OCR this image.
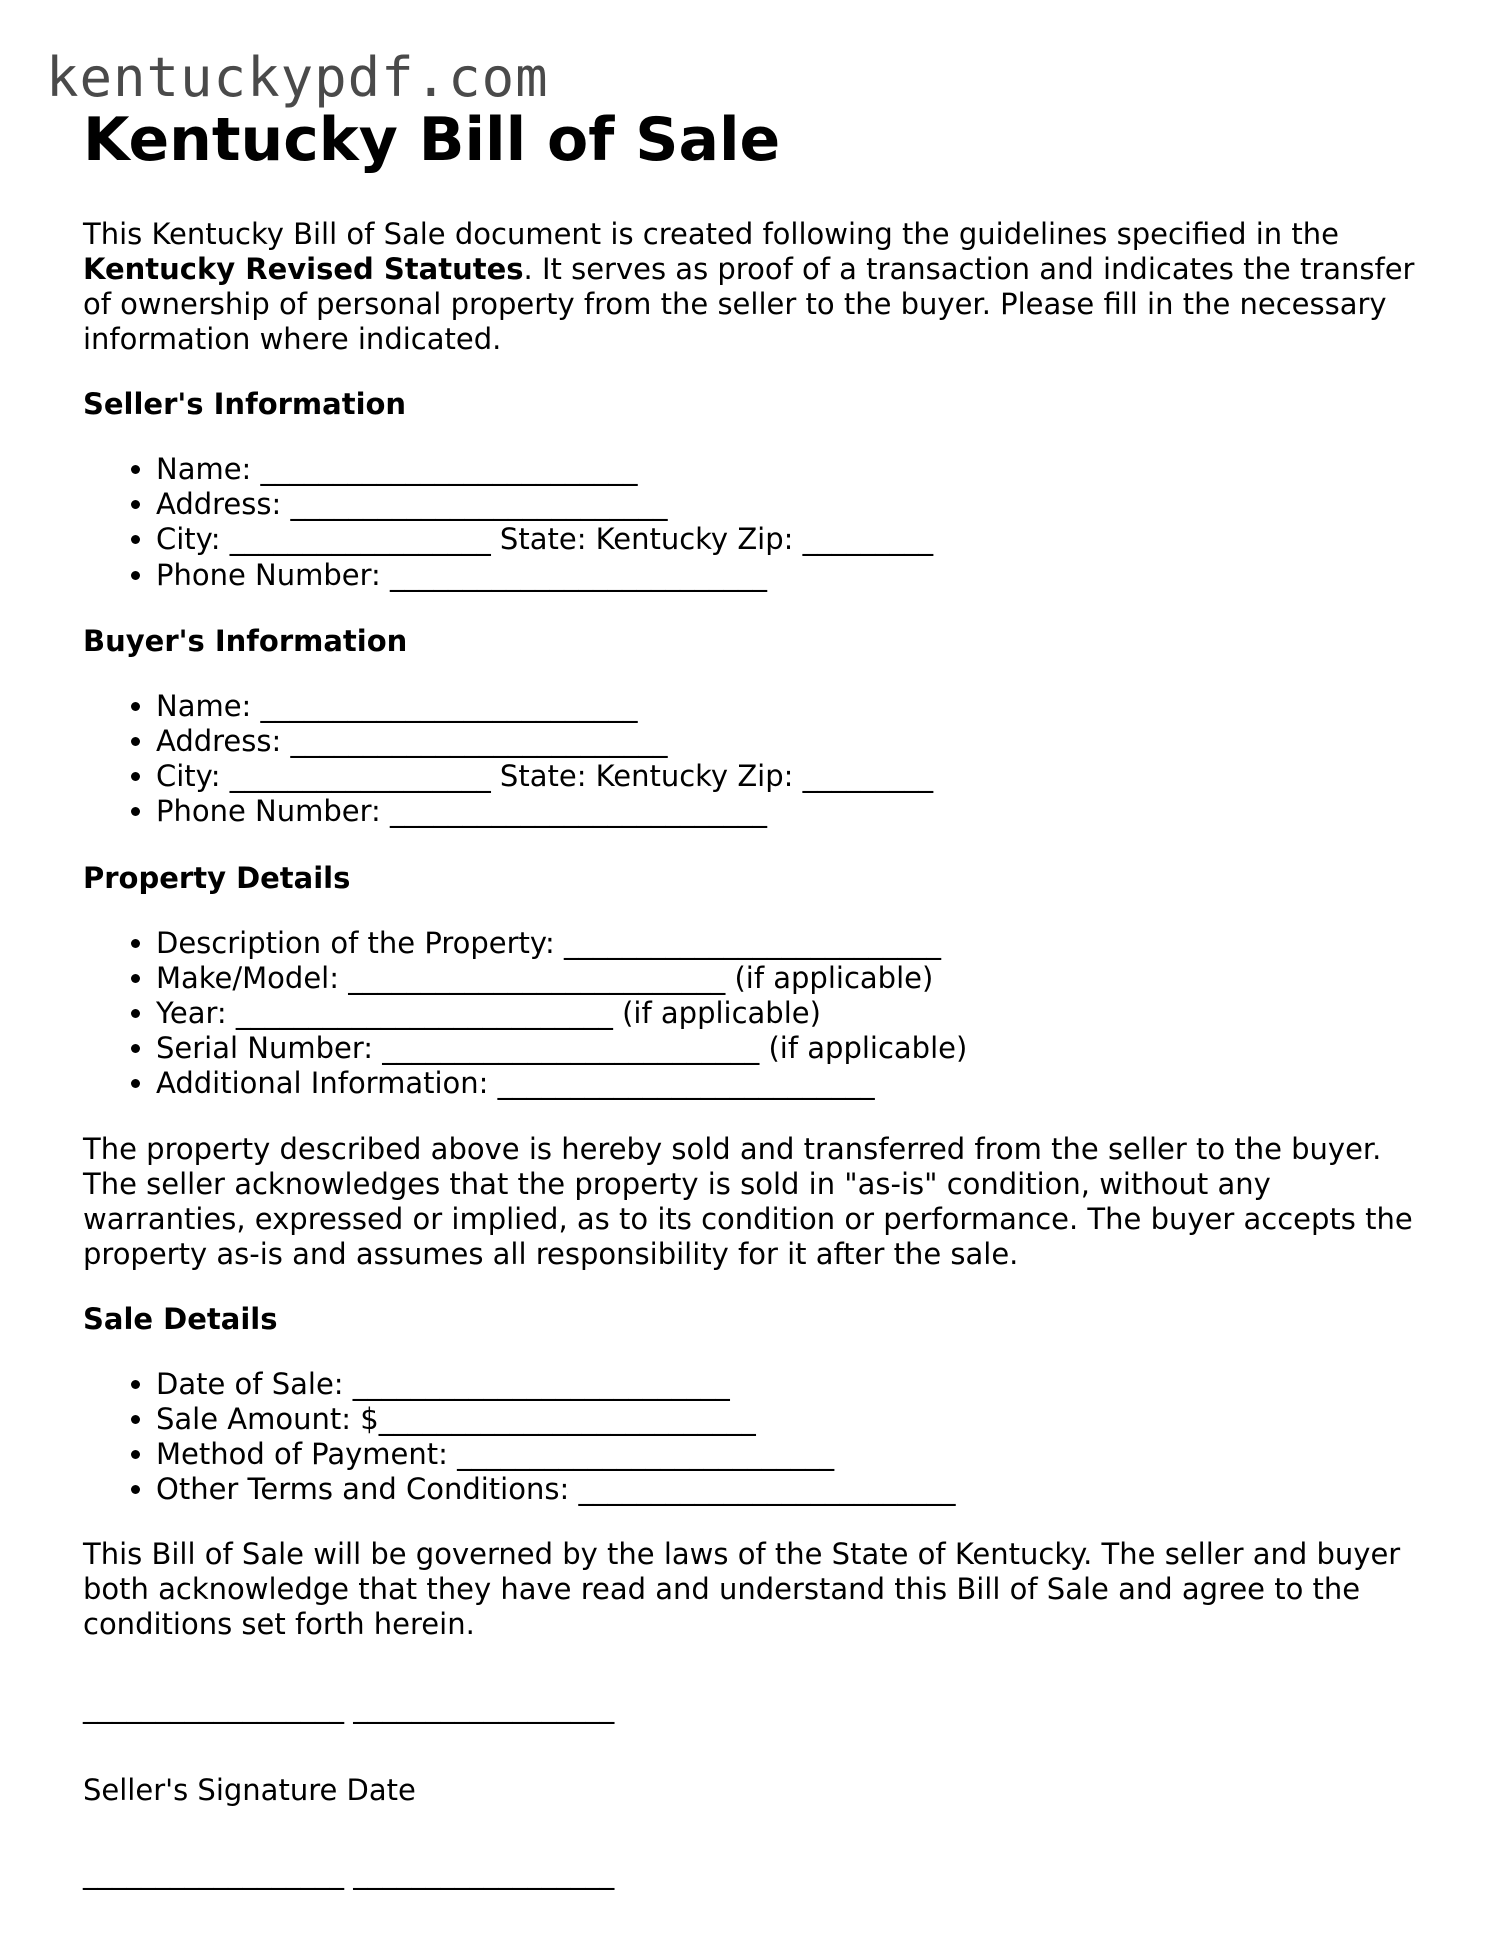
kentuckypdf.com
Kentucky Bill of Sale

This Kentucky Bill of Sale document is created following the guidelines specified in the Kentucky Revised Statutes. It serves as proof of a transaction and indicates the transfer of ownership of personal property from the seller to the buyer. Please fill in the necessary information where indicated.

Seller's Information
• Name: __________________________
• Address: __________________________
• City: __________________ State: Kentucky Zip: _________
• Phone Number: __________________________
Buyer's Information
• Name: __________________________
• Address: __________________________
• City: __________________ State: Kentucky Zip: _________
• Phone Number: __________________________
Property Details
• Description of the Property: __________________________
• Make/Model: __________________________ (if applicable)
• Year: __________________________ (if applicable)
• Serial Number: __________________________ (if applicable)
• Additional Information: __________________________

The property described above is hereby sold and transferred from the seller to the buyer. The seller acknowledges that the property is sold in "as-is" condition, without any warranties, expressed or implied, as to its condition or performance. The buyer accepts the property as-is and assumes all responsibility for it after the sale.

Sale Details
• Date of Sale: __________________________
• Sale Amount: $__________________________
• Method of Payment: __________________________
• Other Terms and Conditions: __________________________

This Bill of Sale will be governed by the laws of the State of Kentucky. The seller and buyer both acknowledge that they have read and understand this Bill of Sale and agree to the conditions set forth herein.

__________________ __________________
Seller's Signature Date
__________________ __________________
